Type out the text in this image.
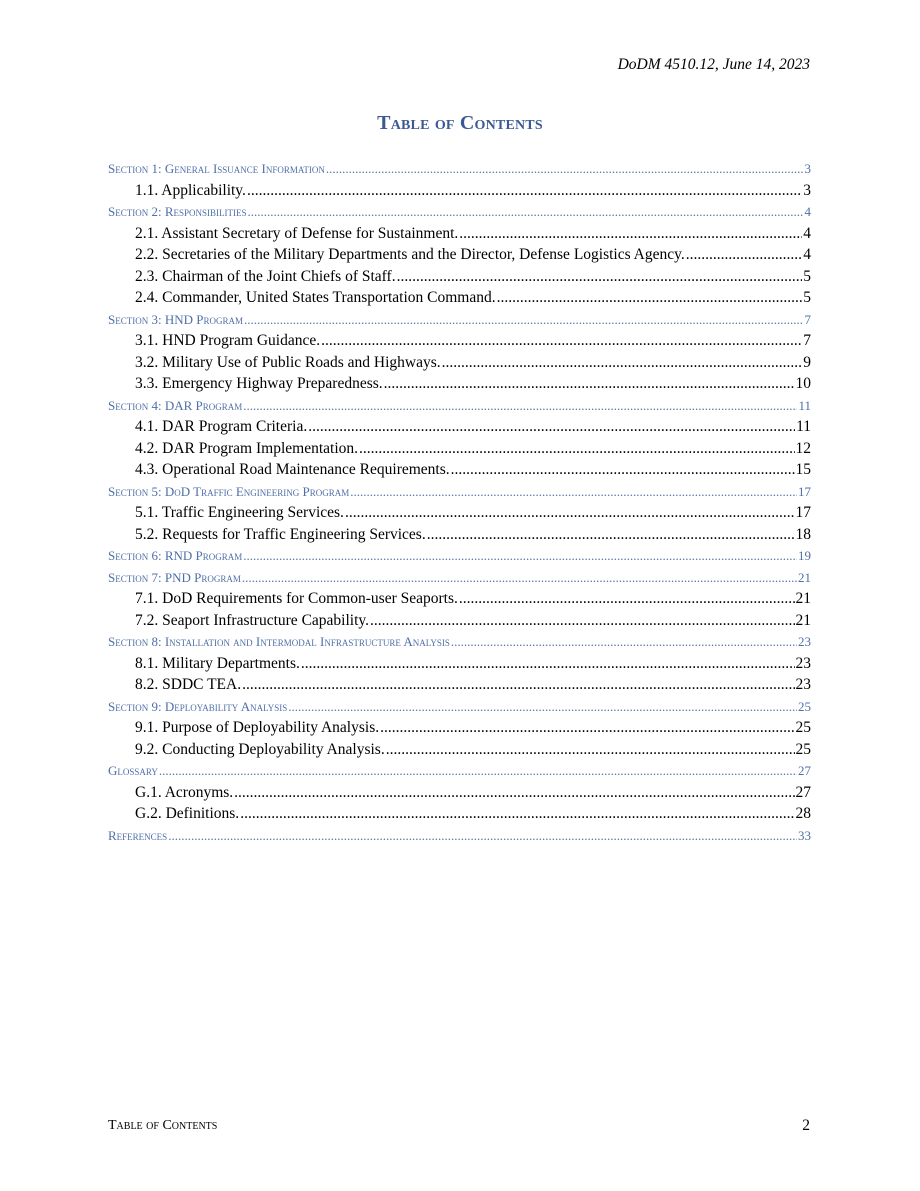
DoDM 4510.12, June 14, 2023
Table of Contents
Section 1: General Issuance Information .....	3
1.1. Applicability. .....	3
Section 2: Responsibilities .....	4
2.1. Assistant Secretary of Defense for Sustainment. .....	4
2.2. Secretaries of the Military Departments and the Director, Defense Logistics Agency. .....	4
2.3. Chairman of the Joint Chiefs of Staff. .....	5
2.4. Commander, United States Transportation Command. .....	5
Section 3: HND Program .....	7
3.1. HND Program Guidance. .....	7
3.2. Military Use of Public Roads and Highways. .....	9
3.3. Emergency Highway Preparedness. .....	10
Section 4: DAR Program .....	11
4.1. DAR Program Criteria. .....	11
4.2. DAR Program Implementation. .....	12
4.3. Operational Road Maintenance Requirements. .....	15
Section 5: DoD Traffic Engineering Program .....	17
5.1. Traffic Engineering Services. .....	17
5.2. Requests for Traffic Engineering Services. .....	18
Section 6: RND Program .....	19
Section 7: PND Program .....	21
7.1. DoD Requirements for Common-user Seaports. .....	21
7.2. Seaport Infrastructure Capability. .....	21
Section 8: Installation and Intermodal Infrastructure Analysis .....	23
8.1. Military Departments. .....	23
8.2. SDDC TEA. .....	23
Section 9: Deployability Analysis .....	25
9.1. Purpose of Deployability Analysis. .....	25
9.2. Conducting Deployability Analysis. .....	25
Glossary .....	27
G.1. Acronyms. .....	27
G.2. Definitions. .....	28
References .....	33
Table of Contents	2
